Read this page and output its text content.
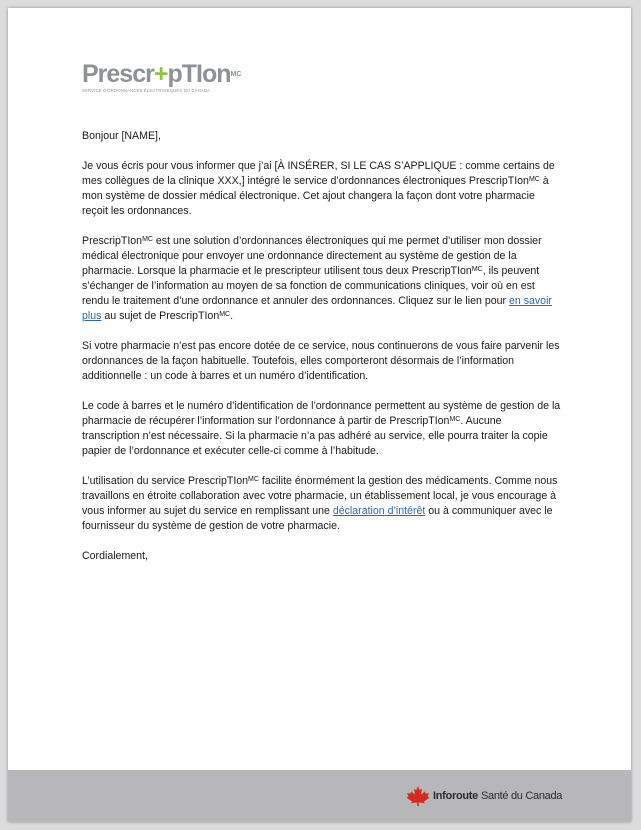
Prescr+pTIon$^{MC}$
SERVICE D'ORDONNANCES ÉLECTRONIQUES DU CANADA

Bonjour [NAME],

Je vous écris pour vous informer que j’ai [À INSÉRER, SI LE CAS S’APPLIQUE : comme certains de mes collègues de la clinique XXX,] intégré le service d’ordonnances électroniques PrescripTIon$^{MC}$ à mon système de dossier médical électronique. Cet ajout changera la façon dont votre pharmacie reçoit les ordonnances.

PrescripTIon$^{MC}$ est une solution d’ordonnances électroniques qui me permet d’utiliser mon dossier médical électronique pour envoyer une ordonnance directement au système de gestion de la pharmacie. Lorsque la pharmacie et le prescripteur utilisent tous deux PrescripTIon$^{MC}$, ils peuvent s’échanger de l’information au moyen de sa fonction de communications cliniques, voir où en est rendu le traitement d’une ordonnance et annuler des ordonnances. Cliquez sur le lien pour en savoir plus au sujet de PrescripTIon$^{MC}$.

Si votre pharmacie n’est pas encore dotée de ce service, nous continuerons de vous faire parvenir les ordonnances de la façon habituelle. Toutefois, elles comporteront désormais de l’information additionnelle : un code à barres et un numéro d’identification.

Le code à barres et le numéro d’identification de l’ordonnance permettent au système de gestion de la pharmacie de récupérer l’information sur l’ordonnance à partir de PrescripTIon$^{MC}$. Aucune transcription n’est nécessaire. Si la pharmacie n’a pas adhéré au service, elle pourra traiter la copie papier de l’ordonnance et exécuter celle-ci comme à l’habitude.

L’utilisation du service PrescripTIon$^{MC}$ facilite énormément la gestion des médicaments. Comme nous travaillons en étroite collaboration avec votre pharmacie, un établissement local, je vous encourage à vous informer au sujet du service en remplissant une déclaration d’intérêt ou à communiquer avec le fournisseur du système de gestion de votre pharmacie.

Cordialement,

Inforoute Santé du Canada
